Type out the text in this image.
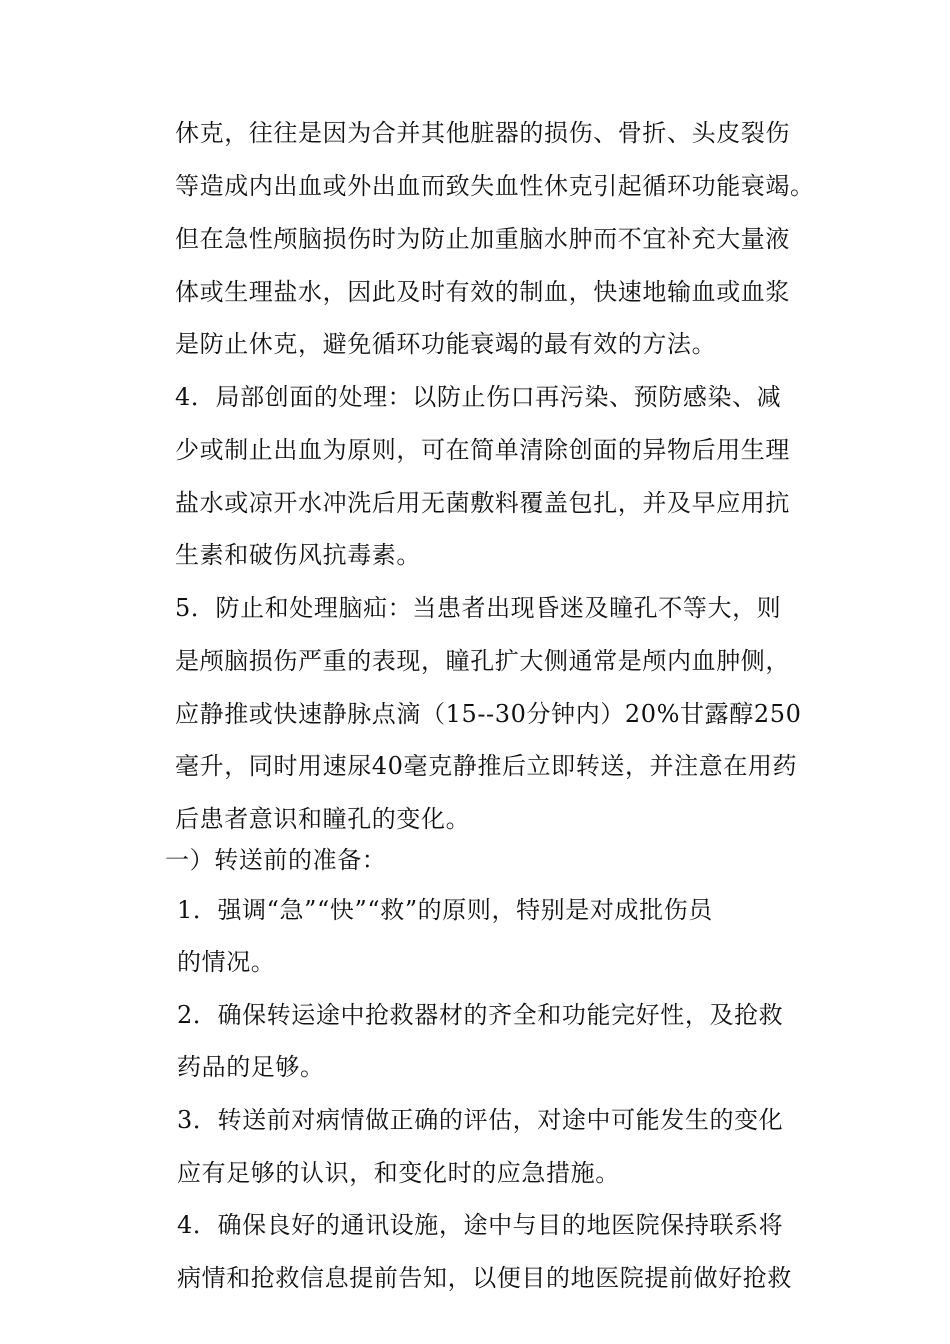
休克，往往是因为合并其他脏器的损伤、骨折、头皮裂伤
等造成内出血或外出血而致失血性休克引起循环功能衰竭。
但在急性颅脑损伤时为防止加重脑水肿而不宜补充大量液
体或生理盐水，因此及时有效的制血，快速地输血或血浆
是防止休克，避免循环功能衰竭的最有效的方法。
4．局部创面的处理：以防止伤口再污染、预防感染、减
少或制止出血为原则，可在简单清除创面的异物后用生理
盐水或凉开水冲洗后用无菌敷料覆盖包扎，并及早应用抗
生素和破伤风抗毒素。
5．防止和处理脑疝：当患者出现昏迷及瞳孔不等大，则
是颅脑损伤严重的表现，瞳孔扩大侧通常是颅内血肿侧，
应静推或快速静脉点滴（15--30分钟内）20%甘露醇250
毫升，同时用速尿40毫克静推后立即转送，并注意在用药
后患者意识和瞳孔的变化。
一）转送前的准备：
1．强调“急”“快”“救”的原则，特别是对成批伤员
的情况。
2．确保转运途中抢救器材的齐全和功能完好性，及抢救
药品的足够。
3．转送前对病情做正确的评估，对途中可能发生的变化
应有足够的认识，和变化时的应急措施。
4．确保良好的通讯设施，途中与目的地医院保持联系将
病情和抢救信息提前告知，以便目的地医院提前做好抢救
